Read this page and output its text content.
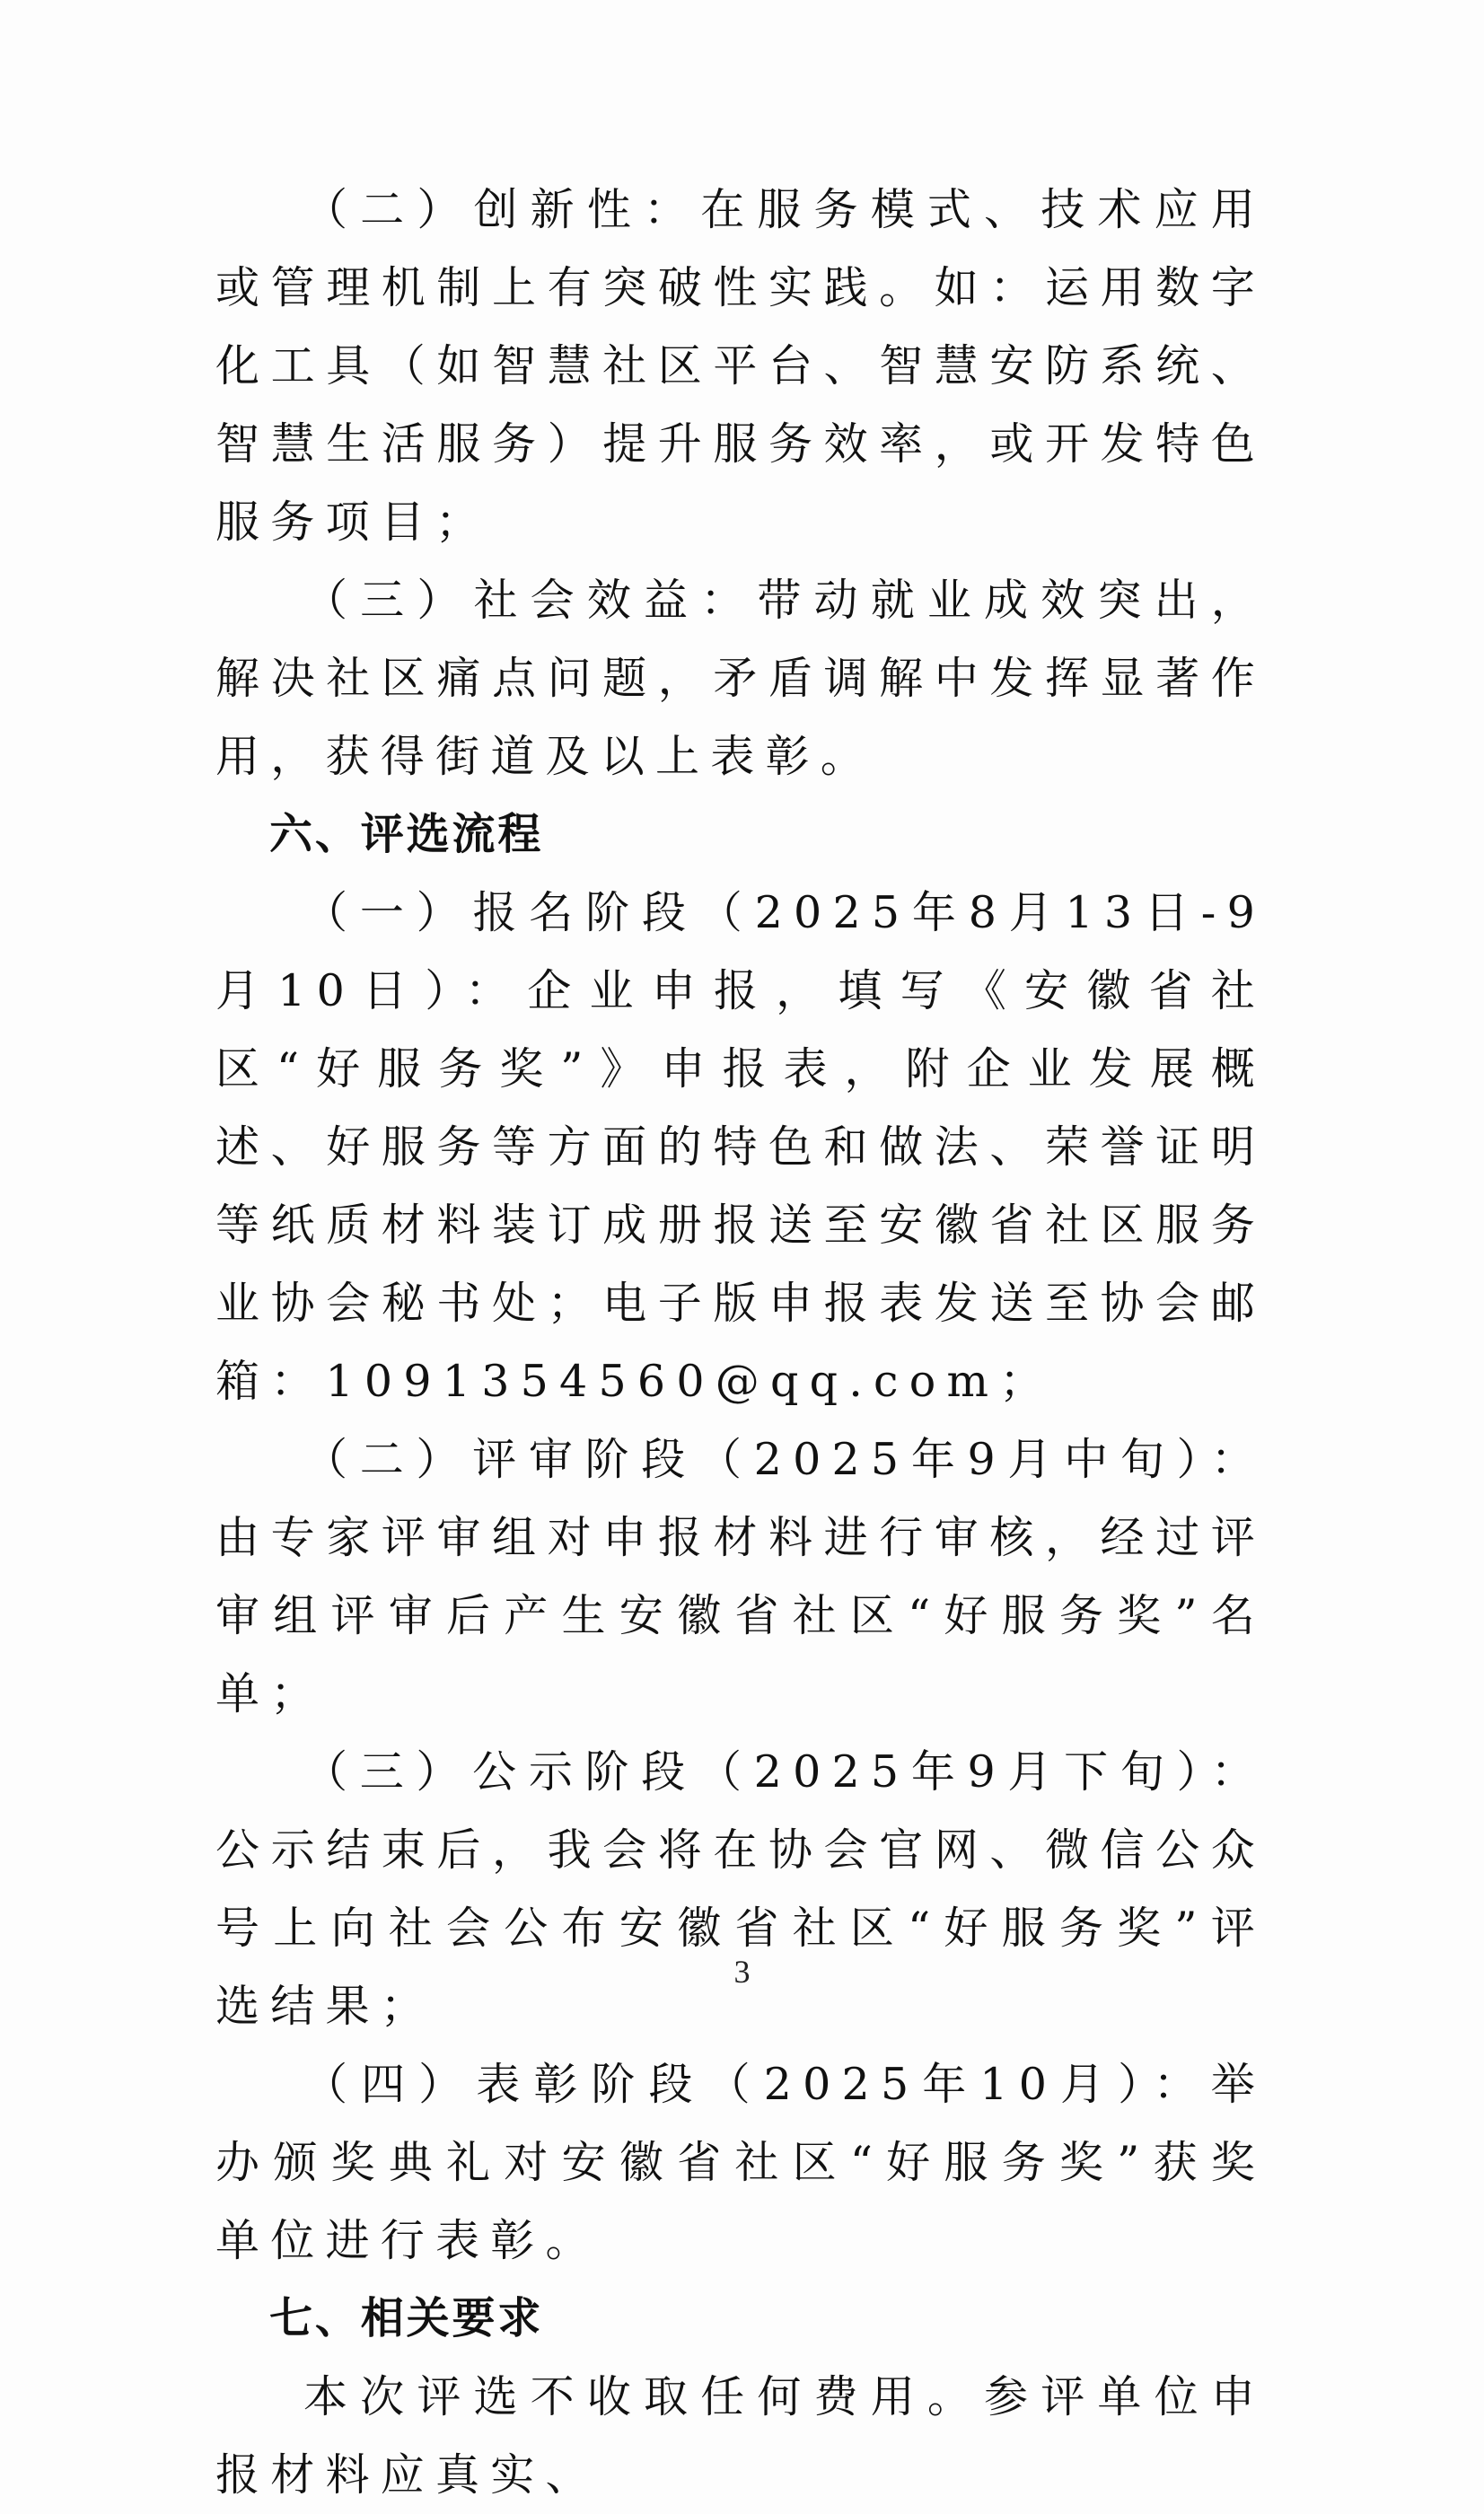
（二）创新性：在服务模式、技术应用或管理机制上有突破性实践。如：运用数字化工具（如智慧社区平台、智慧安防系统、智慧生活服务）提升服务效率，或开发特色服务项目；

（三）社会效益：带动就业成效突出，解决社区痛点问题，矛盾调解中发挥显著作用，获得街道及以上表彰。

六、评选流程

（一）报名阶段（2025年8月13日-9月10日）：企业申报，填写《安徽省社区“好服务奖”》申报表，附企业发展概述、好服务等方面的特色和做法、荣誉证明等纸质材料装订成册报送至安徽省社区服务业协会秘书处；电子版申报表发送至协会邮箱：1091354560@qq.com；

（二）评审阶段（2025年9月中旬）：由专家评审组对申报材料进行审核，经过评审组评审后产生安徽省社区“好服务奖”名单；

（三）公示阶段（2025年9月下旬）：公示结束后，我会将在协会官网、微信公众号上向社会公布安徽省社区“好服务奖”评选结果；

（四）表彰阶段（2025年10月）：举办颁奖典礼对安徽省社区“好服务奖”获奖单位进行表彰。

七、相关要求

本次评选不收取任何费用。参评单位申报材料应真实、

3
